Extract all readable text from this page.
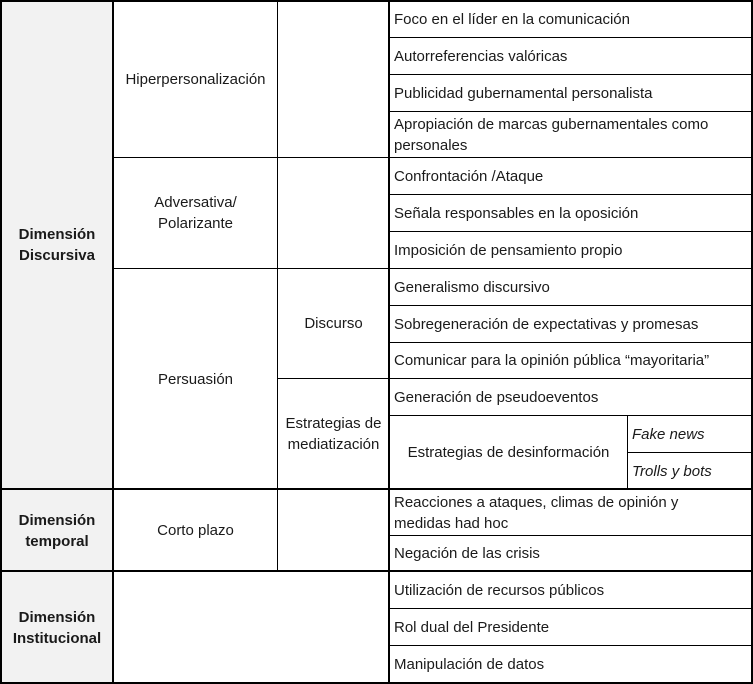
Dimensión Discursiva
Dimensión temporal
Dimensión Institucional
Hiperpersonalización
Adversativa/ Polarizante
Persuasión
Corto plazo
Discurso
Estrategias de mediatización
Foco en el líder en la comunicación
Autorreferencias valóricas
Publicidad gubernamental personalista
Apropiación de marcas gubernamentales como personales
Confrontación /Ataque
Señala responsables en la oposición
Imposición de pensamiento propio
Generalismo discursivo
Sobregeneración de expectativas y promesas
Comunicar para la opinión pública “mayoritaria”
Generación de pseudoeventos
Estrategias de desinformación
Fake news
Trolls y bots
Reacciones a ataques, climas de opinión y medidas had hoc
Negación de las crisis
Utilización de recursos públicos
Rol dual del Presidente
Manipulación de datos
